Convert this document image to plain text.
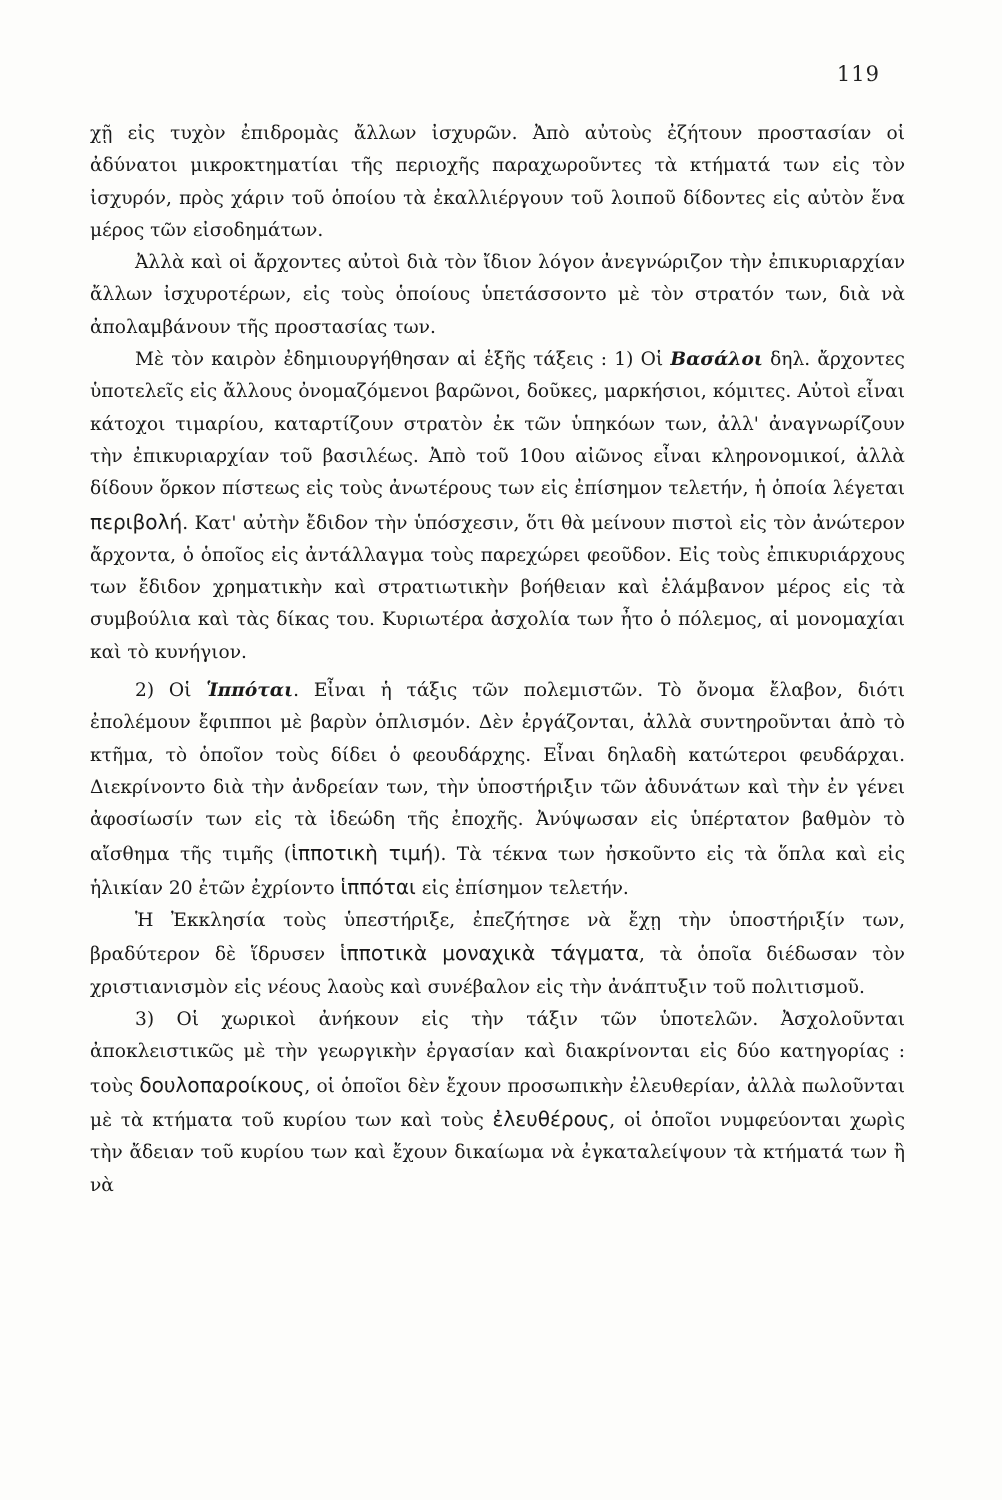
119

χῇ εἰς τυχὸν ἐπιδρομὰς ἄλλων ἰσχυρῶν. Ἀπὸ αὐτοὺς ἐζήτουν προστασίαν οἱ ἀδύνατοι μικροκτηματίαι τῆς περιοχῆς παραχωροῦντες τὰ κτήματά των εἰς τὸν ἰσχυρόν, πρὸς χάριν τοῦ ὁποίου τὰ ἐκαλλιέργουν τοῦ λοιποῦ δίδοντες εἰς αὐτὸν ἕνα μέρος τῶν εἰσοδημάτων.

Ἀλλὰ καὶ οἱ ἄρχοντες αὐτοὶ διὰ τὸν ἴδιον λόγον ἀνεγνώριζον τὴν ἐπικυριαρχίαν ἄλλων ἰσχυροτέρων, εἰς τοὺς ὁποίους ὑπετάσσοντο μὲ τὸν στρατόν των, διὰ νὰ ἀπολαμβάνουν τῆς προστασίας των.

Μὲ τὸν καιρὸν ἐδημιουργήθησαν αἱ ἑξῆς τάξεις : 1) Οἱ Βασάλοι δηλ. ἄρχοντες ὑποτελεῖς εἰς ἄλλους ὀνομαζόμενοι βαρῶνοι, δοῦκες, μαρκήσιοι, κόμιτες. Αὐτοὶ εἶναι κάτοχοι τιμαρίου, καταρτίζουν στρατὸν ἐκ τῶν ὑπηκόων των, ἀλλ' ἀναγνωρίζουν τὴν ἐπικυριαρχίαν τοῦ βασιλέως. Ἀπὸ τοῦ 10ου αἰῶνος εἶναι κληρονομικοί, ἀλλὰ δίδουν ὅρκον πίστεως εἰς τοὺς ἀνωτέρους των εἰς ἐπίσημον τελετήν, ἡ ὁποία λέγεται περιβολή. Κατ' αὐτὴν ἔδιδον τὴν ὑπόσχεσιν, ὅτι θὰ μείνουν πιστοὶ εἰς τὸν ἀνώτερον ἄρχοντα, ὁ ὁποῖος εἰς ἀντάλλαγμα τοὺς παρεχώρει φεοῦδον. Εἰς τοὺς ἐπικυριάρχους των ἔδιδον χρηματικὴν καὶ στρατιωτικὴν βοήθειαν καὶ ἐλάμβανον μέρος εἰς τὰ συμβούλια καὶ τὰς δίκας του. Κυριωτέρα ἀσχολία των ἦτο ὁ πόλεμος, αἱ μονομαχίαι καὶ τὸ κυνήγιον.

2) Οἱ Ἱππόται. Εἶναι ἡ τάξις τῶν πολεμιστῶν. Τὸ ὄνομα ἔλαβον, διότι ἐπολέμουν ἔφιπποι μὲ βαρὺν ὁπλισμόν. Δὲν ἐργάζονται, ἀλλὰ συντηροῦνται ἀπὸ τὸ κτῆμα, τὸ ὁποῖον τοὺς δίδει ὁ φεουδάρχης. Εἶναι δηλαδὴ κατώτεροι φευδάρχαι. Διεκρίνοντο διὰ τὴν ἀνδρείαν των, τὴν ὑποστήριξιν τῶν ἀδυνάτων καὶ τὴν ἐν γένει ἀφοσίωσίν των εἰς τὰ ἰδεώδη τῆς ἐποχῆς. Ἀνύψωσαν εἰς ὑπέρτατον βαθμὸν τὸ αἴσθημα τῆς τιμῆς (ἱπποτικὴ τιμή). Τὰ τέκνα των ἠσκοῦντο εἰς τὰ ὅπλα καὶ εἰς ἡλικίαν 20 ἐτῶν ἐχρίοντο ἱππόται εἰς ἐπίσημον τελετήν.

Ἡ Ἐκκλησία τοὺς ὑπεστήριξε, ἐπεζήτησε νὰ ἔχῃ τὴν ὑποστήριξίν των, βραδύτερον δὲ ἵδρυσεν ἱπποτικὰ μοναχικὰ τάγματα, τὰ ὁποῖα διέδωσαν τὸν χριστιανισμὸν εἰς νέους λαοὺς καὶ συνέβαλον εἰς τὴν ἀνάπτυξιν τοῦ πολιτισμοῦ.

3) Οἱ χωρικοὶ ἀνήκουν εἰς τὴν τάξιν τῶν ὑποτελῶν. Ἀσχολοῦνται ἀποκλειστικῶς μὲ τὴν γεωργικὴν ἐργασίαν καὶ διακρίνονται εἰς δύο κατηγορίας : τοὺς δουλοπαροίκους, οἱ ὁποῖοι δὲν ἔχουν προσωπικὴν ἐλευθερίαν, ἀλλὰ πωλοῦνται μὲ τὰ κτήματα τοῦ κυρίου των καὶ τοὺς ἐλευθέρους, οἱ ὁποῖοι νυμφεύονται χωρὶς τὴν ἄδειαν τοῦ κυρίου των καὶ ἔχουν δικαίωμα νὰ ἐγκαταλείψουν τὰ κτήματά των ἢ νὰ
